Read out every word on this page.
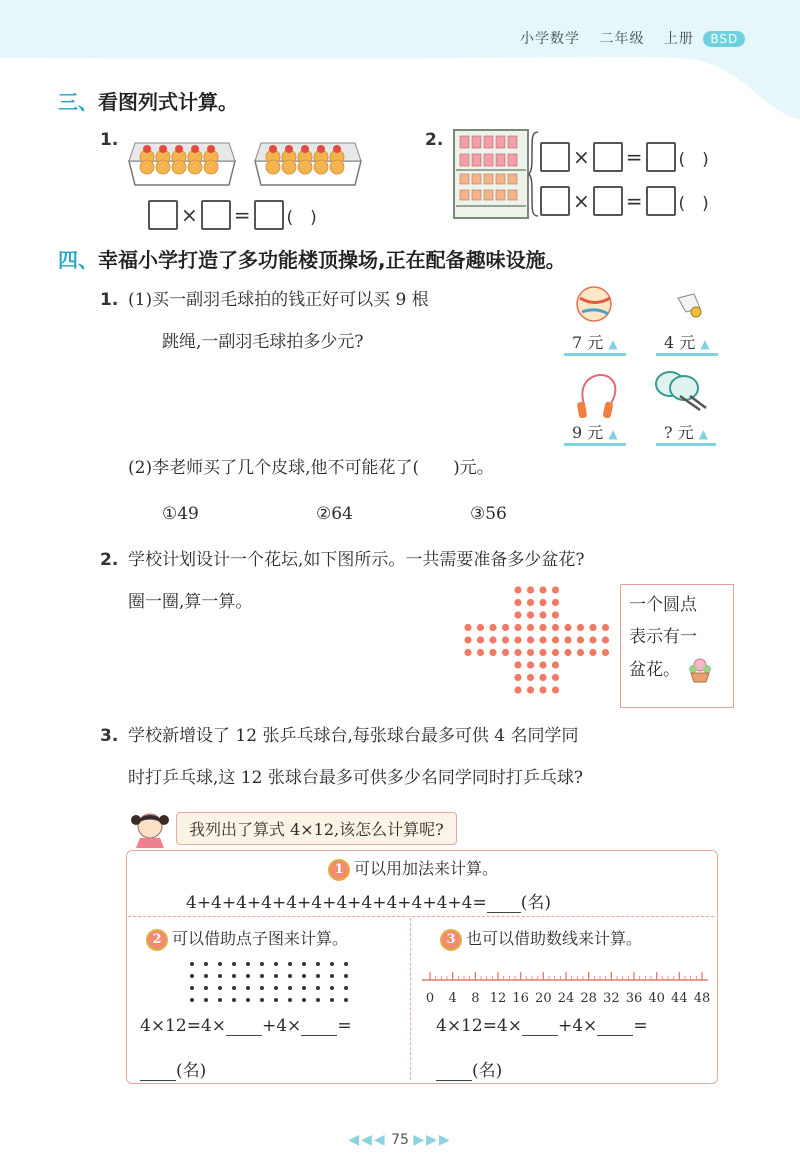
小学数学 二年级 上册 BSD
三、看图列式计算。
1.
× = (　)
2.
× = (　)
× = (　)
四、幸福小学打造了多功能楼顶操场,正在配备趣味设施。
1. (1)买一副羽毛球拍的钱正好可以买 9 根
跳绳,一副羽毛球拍多少元?	7 元 ▲	4 元 ▲
9 元 ▲	? 元 ▲
(2)李老师买了几个皮球,他不可能花了(　　)元。
①49	②64	③56
2. 学校计划设计一个花坛,如下图所示。一共需要准备多少盆花?
圈一圈,算一算。	一个圆点
表示有一
盆花。
3. 学校新增设了 12 张乒乓球台,每张球台最多可供 4 名同学同
时打乒乓球,这 12 张球台最多可供多少名同学同时打乒乓球?
我列出了算式 4×12,该怎么计算呢?
1 可以用加法来计算。
4+4+4+4+4+4+4+4+4+4+4+4= (名)
2 可以借助点子图来计算。
4×12=4× +4× =
(名)
3 也可以借助数线来计算。
0 4 8 12 16 20 24 28 32 36 40 44 48
4×12=4× +4× =
(名)
◀◀◀ 75 ▶▶▶
